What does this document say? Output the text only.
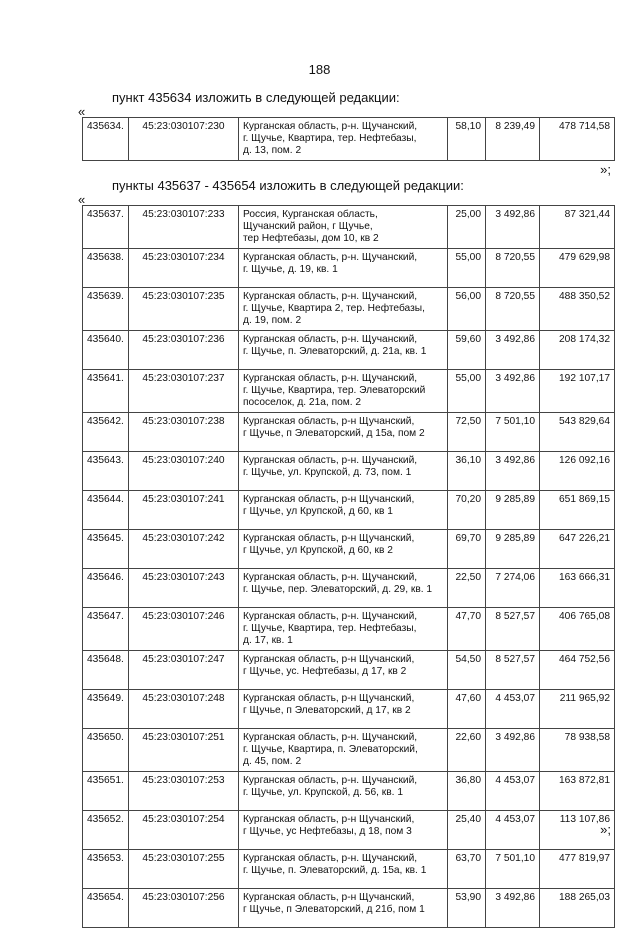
188
пункт 435634 изложить в следующей редакции:
«
435634.	45:23:030107:230	Курганская область, р-н. Щучанский,
г. Щучье, Квартира, тер. Нефтебазы,
д. 13, пом. 2	58,10	8 239,49	478 714,58
»;
пункты 435637 - 435654 изложить в следующей редакции:
«
435637.	45:23:030107:233	Россия, Курганская область,
Щучанский район, г Щучье,
тер Нефтебазы, дом 10, кв 2	25,00	3 492,86	87 321,44
435638.	45:23:030107:234	Курганская область, р-н. Щучанский,
г. Щучье, д. 19, кв. 1	55,00	8 720,55	479 629,98
435639.	45:23:030107:235	Курганская область, р-н. Щучанский,
г. Щучье, Квартира 2, тер. Нефтебазы,
д. 19, пом. 2	56,00	8 720,55	488 350,52
435640.	45:23:030107:236	Курганская область, р-н. Щучанский,
г. Щучье, п. Элеваторский, д. 21а, кв. 1	59,60	3 492,86	208 174,32
435641.	45:23:030107:237	Курганская область, р-н. Щучанский,
г. Щучье, Квартира, тер. Элеваторский
пососелок, д. 21а, пом. 2	55,00	3 492,86	192 107,17
435642.	45:23:030107:238	Курганская область, р-н Щучанский,
г Щучье, п Элеваторский, д 15а, пом 2	72,50	7 501,10	543 829,64
435643.	45:23:030107:240	Курганская область, р-н. Щучанский,
г. Щучье, ул. Крупской, д. 73, пом. 1	36,10	3 492,86	126 092,16
435644.	45:23:030107:241	Курганская область, р-н Щучанский,
г Щучье, ул Крупской, д 60, кв 1	70,20	9 285,89	651 869,15
435645.	45:23:030107:242	Курганская область, р-н Щучанский,
г Щучье, ул Крупской, д 60, кв 2	69,70	9 285,89	647 226,21
435646.	45:23:030107:243	Курганская область, р-н. Щучанский,
г. Щучье, пер. Элеваторский, д. 29, кв. 1	22,50	7 274,06	163 666,31
435647.	45:23:030107:246	Курганская область, р-н. Щучанский,
г. Щучье, Квартира, тер. Нефтебазы,
д. 17, кв. 1	47,70	8 527,57	406 765,08
435648.	45:23:030107:247	Курганская область, р-н Щучанский,
г Щучье, ус. Нефтебазы, д 17, кв 2	54,50	8 527,57	464 752,56
435649.	45:23:030107:248	Курганская область, р-н Щучанский,
г Щучье, п Элеваторский, д 17, кв 2	47,60	4 453,07	211 965,92
435650.	45:23:030107:251	Курганская область, р-н. Щучанский,
г. Щучье, Квартира, п. Элеваторский,
д. 45, пом. 2	22,60	3 492,86	78 938,58
435651.	45:23:030107:253	Курганская область, р-н. Щучанский,
г. Щучье, ул. Крупской, д. 56, кв. 1	36,80	4 453,07	163 872,81
435652.	45:23:030107:254	Курганская область, р-н Щучанский,
г Щучье, ус Нефтебазы, д 18, пом 3	25,40	4 453,07	113 107,86
435653.	45:23:030107:255	Курганская область, р-н. Щучанский,
г. Щучье, п. Элеваторский, д. 15а, кв. 1	63,70	7 501,10	477 819,97
435654.	45:23:030107:256	Курганская область, р-н Щучанский,
г Щучье, п Элеваторский, д 21б, пом 1	53,90	3 492,86	188 265,03
»;
